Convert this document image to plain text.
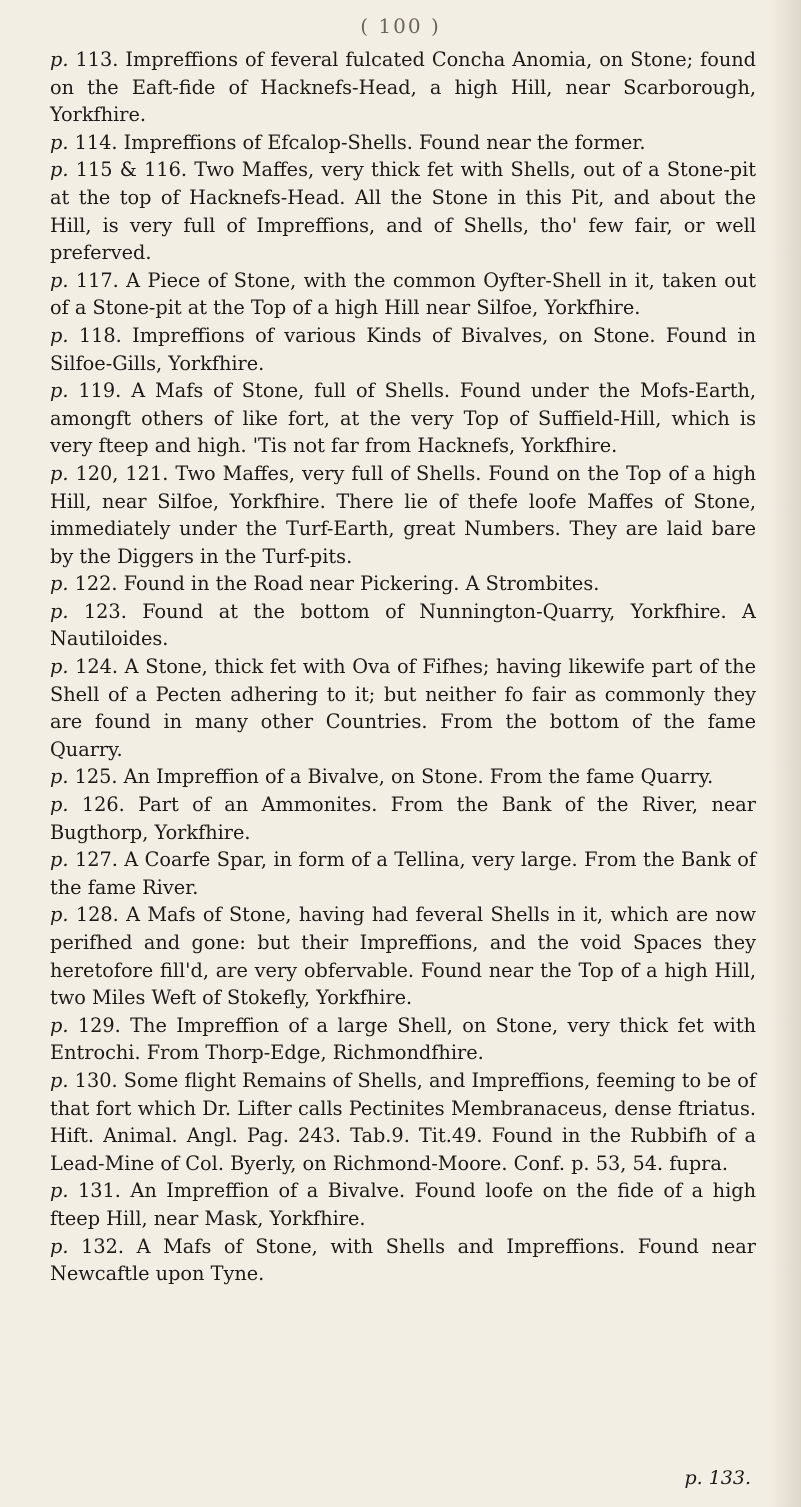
( 100 )

p. 113. Impreffions of feveral fulcated Concha Anomia, on Stone; found on the Eaft-fide of Hacknefs-Head, a high Hill, near Scarborough, Yorkfhire.

p. 114. Impreffions of Efcalop-Shells. Found near the former.

p. 115 & 116. Two Maffes, very thick fet with Shells, out of a Stone-pit at the top of Hacknefs-Head. All the Stone in this Pit, and about the Hill, is very full of Impreffions, and of Shells, tho' few fair, or well preferved.

p. 117. A Piece of Stone, with the common Oyfter-Shell in it, taken out of a Stone-pit at the Top of a high Hill near Silfoe, Yorkfhire.

p. 118. Impreffions of various Kinds of Bivalves, on Stone. Found in Silfoe-Gills, Yorkfhire.

p. 119. A Mafs of Stone, full of Shells. Found under the Mofs-Earth, amongft others of like fort, at the very Top of Suffield-Hill, which is very fteep and high. 'Tis not far from Hacknefs, Yorkfhire.

p. 120, 121. Two Maffes, very full of Shells. Found on the Top of a high Hill, near Silfoe, Yorkfhire. There lie of thefe loofe Maffes of Stone, immediately under the Turf-Earth, great Numbers. They are laid bare by the Diggers in the Turf-pits.

p. 122. Found in the Road near Pickering. A Strombites.

p. 123. Found at the bottom of Nunnington-Quarry, Yorkfhire. A Nautiloides.

p. 124. A Stone, thick fet with Ova of Fifhes; having likewife part of the Shell of a Pecten adhering to it; but neither fo fair as commonly they are found in many other Countries. From the bottom of the fame Quarry.

p. 125. An Impreffion of a Bivalve, on Stone. From the fame Quarry.

p. 126. Part of an Ammonites. From the Bank of the River, near Bugthorp, Yorkfhire.

p. 127. A Coarfe Spar, in form of a Tellina, very large. From the Bank of the fame River.

p. 128. A Mafs of Stone, having had feveral Shells in it, which are now perifhed and gone: but their Impreffions, and the void Spaces they heretofore fill'd, are very obfervable. Found near the Top of a high Hill, two Miles Weft of Stokefly, Yorkfhire.

p. 129. The Impreffion of a large Shell, on Stone, very thick fet with Entrochi. From Thorp-Edge, Richmondfhire.

p. 130. Some flight Remains of Shells, and Impreffions, feeming to be of that fort which Dr. Lifter calls Pectinites Membranaceus, dense ftriatus. Hift. Animal. Angl. Pag. 243. Tab.9. Tit.49. Found in the Rubbifh of a Lead-Mine of Col. Byerly, on Richmond-Moore. Conf. p. 53, 54. fupra.

p. 131. An Impreffion of a Bivalve. Found loofe on the fide of a high fteep Hill, near Mask, Yorkfhire.

p. 132. A Mafs of Stone, with Shells and Impreffions. Found near Newcaftle upon Tyne.

p. 133.
